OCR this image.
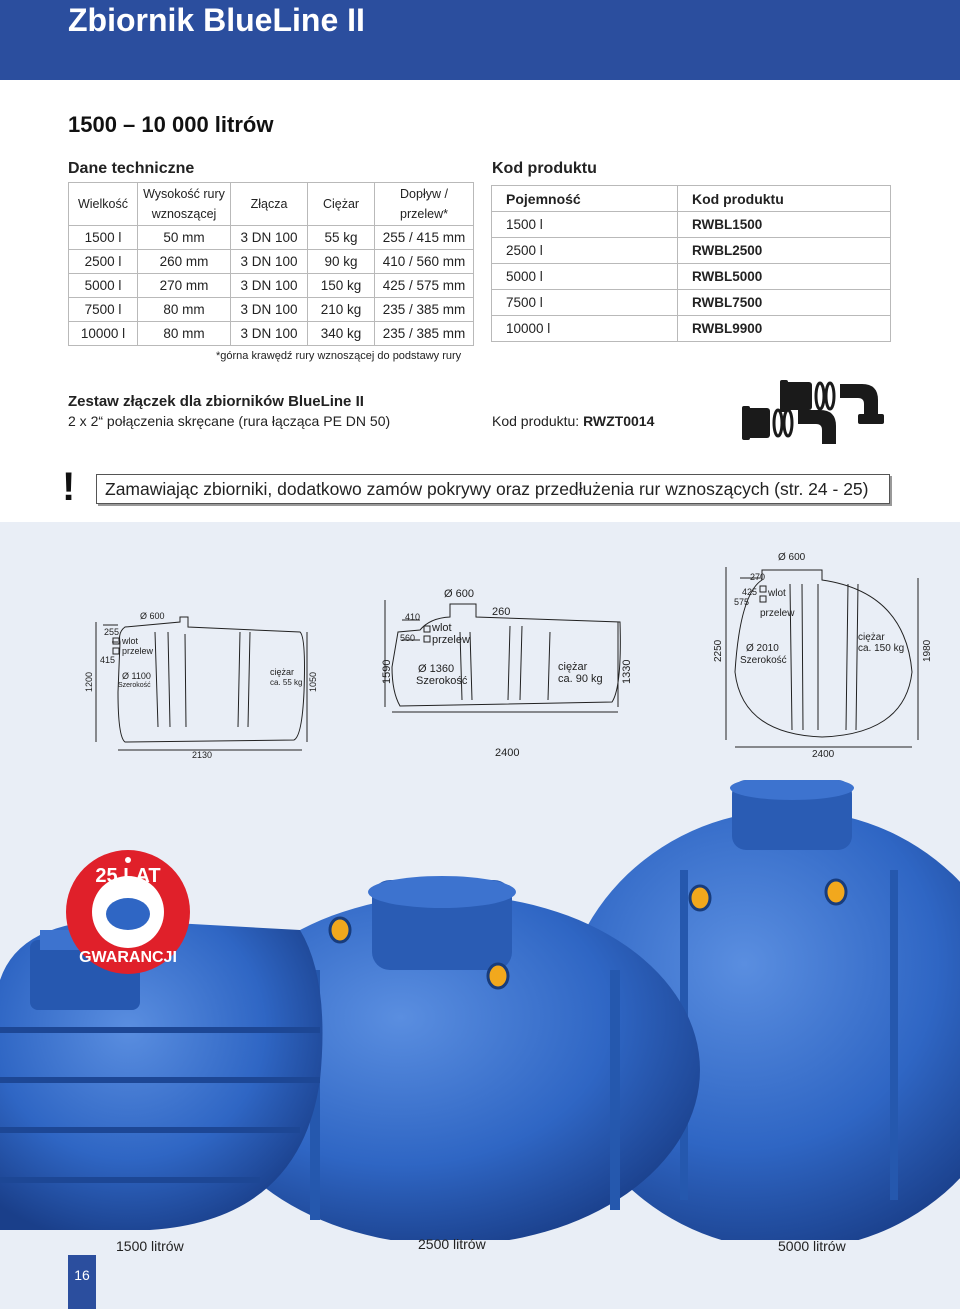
Zbiornik BlueLine II
1500 – 10 000 litrów
Dane techniczne
Wielkość	Wysokość rury wznoszącej	Złącza	Ciężar	Dopływ / przelew*
1500 l	50 mm	3 DN 100	55 kg	255 / 415 mm
2500 l	260 mm	3 DN 100	90 kg	410 / 560 mm
5000 l	270 mm	3 DN 100	150 kg	425 / 575 mm
7500 l	80 mm	3 DN 100	210 kg	235 / 385 mm
10000 l	80 mm	3 DN 100	340 kg	235 / 385 mm
*górna krawędź rury wznoszącej do podstawy rury
Kod produktu
Pojemność	Kod produktu
1500 l	RWBL1500
2500 l	RWBL2500
5000 l	RWBL5000
7500 l	RWBL7500
10000 l	RWBL9900
Zestaw złączek dla zbiorników BlueLine II
2 x 2“ połączenia skręcane (rura łącząca PE DN 50)	Kod produktu: RWZT0014
! Zamawiając zbiorniki, dodatkowo zamów pokrywy oraz przedłużenia rur wznoszących (str. 24 - 25)
Ø 600
255
415
wlot
przelew
Ø 1100
Szerokość
ciężar
ca. 55 kg
1200	1050
2130
Ø 600
410
560
260
wlot
przelew
Ø 1360
Szerokość
ciężar
ca. 90 kg
1590	1330
2400
Ø 600
270
425
575
wlot
przelew
Ø 2010
Szerokość
ciężar
ca. 150 kg
2250	1980
2400
25 LAT
GWARANCJI
1500 litrów	2500 litrów	5000 litrów
16
